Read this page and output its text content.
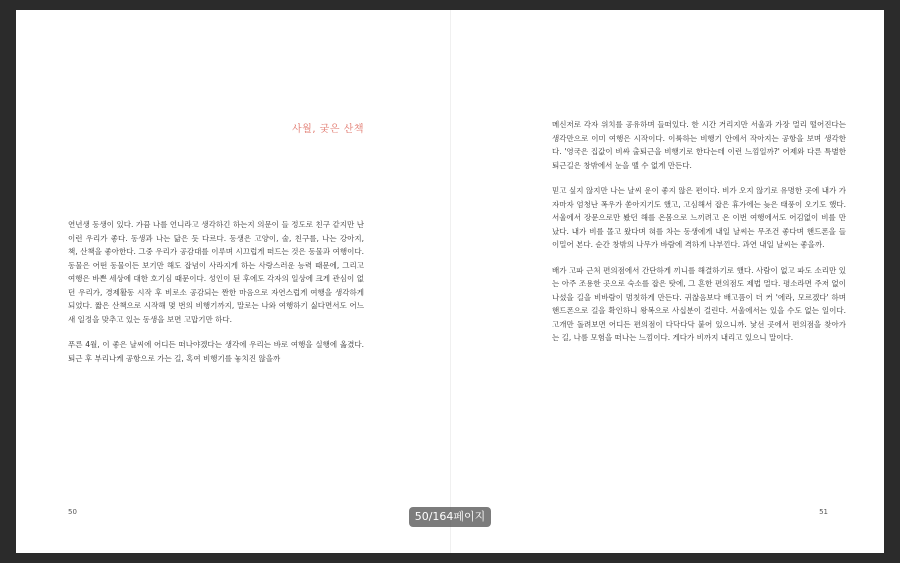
사월, 궂은 산책

연년생 동생이 있다. 가끔 나를 언니라고 생각하긴 하는지 의문이 들 정도로 친구 같지만 난 이런 우리가 좋다. 동생과 나는 닮은 듯 다르다. 동생은 고양이, 술, 친구를, 나는 강아지, 책, 산책을 좋아한다. 그중 우리가 공감대를 이루며 시끄럽게 떠드는 것은 동물과 여행이다. 동물은 어떤 동물이든 보기만 해도 잡념이 사라지게 하는 사랑스러운 능력 때문에, 그리고 여행은 바쁜 세상에 대한 호기심 때문이다. 성인이 된 후에도 각자의 일상에 크게 관심이 없던 우리가, 경제활동 시작 후 비로소 공감되는 짠한 마음으로 자연스럽게 여행을 생각하게 되었다. 짧은 산책으로 시작해 몇 번의 비행기까지, 말로는 나와 여행하기 싫다면서도 어느새 일정을 맞추고 있는 동생을 보면 고맙기만 하다.

푸른 4월, 이 좋은 날씨에 어디든 떠나야겠다는 생각에 우리는 바로 여행을 실행에 옮겼다. 퇴근 후 부리나케 공항으로 가는 길, 혹여 비행기를 놓치진 않을까

50

메신저로 각자 위치를 공유하며 들떠있다. 한 시간 거리지만 서울과 가장 멀리 떨어진다는 생각만으로 이미 여행은 시작이다. 이륙하는 비행기 안에서 작아지는 공항을 보며 생각한다. '영국은 집값이 비싸 출퇴근을 비행기로 한다는데 이런 느낌일까?' 어제와 다른 특별한 퇴근길은 창밖에서 눈을 뗄 수 없게 만든다.

믿고 싶지 않지만 나는 날씨 운이 좋지 않은 편이다. 비가 오지 않기로 유명한 곳에 내가 가자마자 엄청난 폭우가 쏟아지기도 했고, 고심해서 잡은 휴가에는 늦은 태풍이 오기도 했다. 서울에서 장문으로만 봤던 해를 온몸으로 느끼려고 온 이번 여행에서도 어김없이 비를 만났다. 내가 비를 몰고 왔다며 혀를 차는 동생에게 내일 날씨는 무조건 좋다며 핸드폰을 들이밀어 본다. 순간 창밖의 나무가 바람에 격하게 나부낀다. 과연 내일 날씨는 좋을까.

배가 고파 근처 편의점에서 간단하게 끼니를 해결하기로 했다. 사람이 없고 파도 소리만 있는 아주 조용한 곳으로 숙소를 잡은 탓에, 그 흔한 편의점도 제법 멀다. 평소라면 주저 없이 나섰을 길을 비바람이 멈칫하게 만든다. 귀찮음보다 배고픔이 더 커 '에라, 모르겠다' 하며 핸드폰으로 길을 확인하니 왕복으로 사십분이 걸린다. 서울에서는 있을 수도 없는 일이다. 고개만 돌려보면 어디든 편의점이 다닥다닥 붙어 있으니까. 낯선 곳에서 편의점을 찾아가는 길, 나름 모험을 떠나는 느낌이다. 게다가 비까지 내리고 있으니 말이다.

51
50/164페이지
